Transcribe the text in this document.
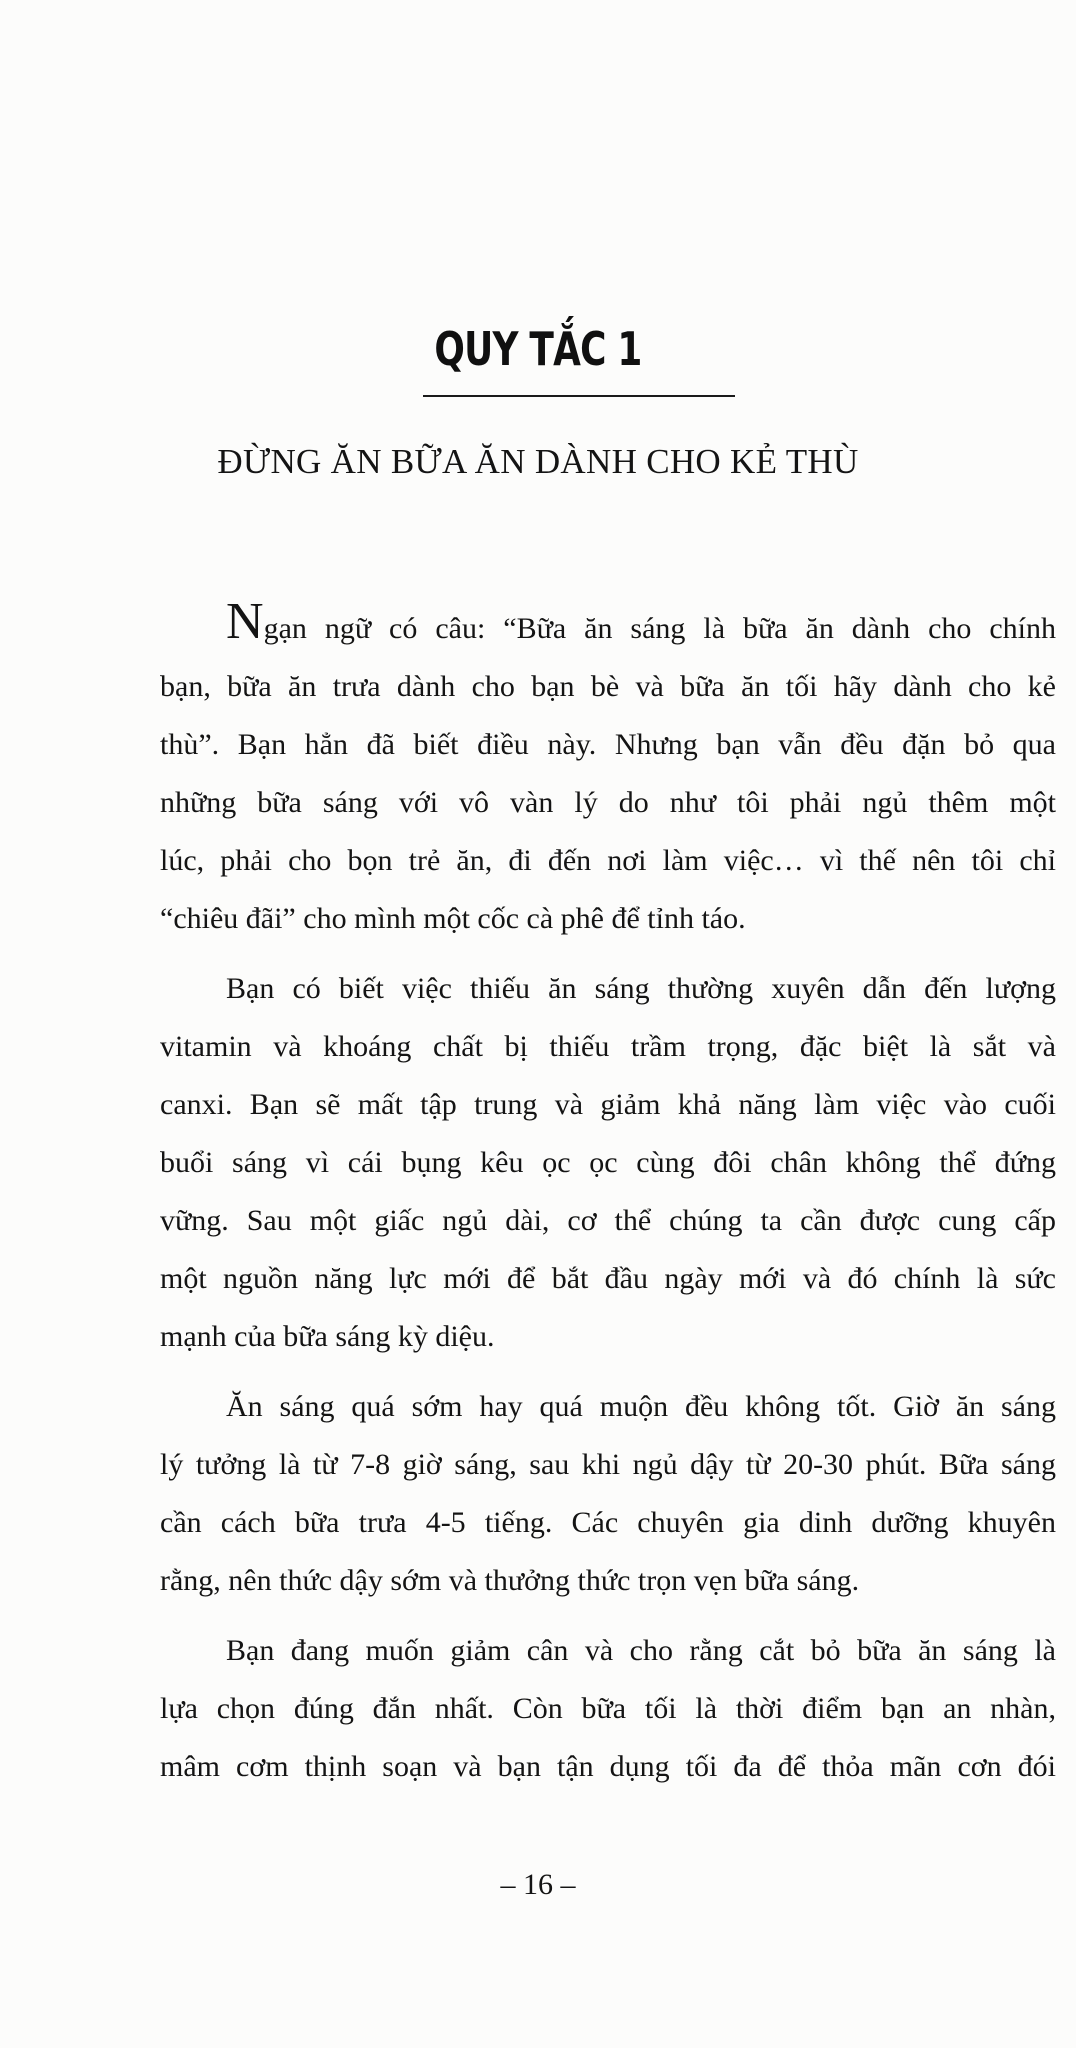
QUY TẮC 1
ĐỪNG ĂN BỮA ĂN DÀNH CHO KẺ THÙ
Ngạn ngữ có câu: “Bữa ăn sáng là bữa ăn dành cho chính
bạn, bữa ăn trưa dành cho bạn bè và bữa ăn tối hãy dành cho kẻ
thù”. Bạn hẳn đã biết điều này. Nhưng bạn vẫn đều đặn bỏ qua
những bữa sáng với vô vàn lý do như tôi phải ngủ thêm một
lúc, phải cho bọn trẻ ăn, đi đến nơi làm việc… vì thế nên tôi chỉ
“chiêu đãi” cho mình một cốc cà phê để tỉnh táo.
Bạn có biết việc thiếu ăn sáng thường xuyên dẫn đến lượng
vitamin và khoáng chất bị thiếu trầm trọng, đặc biệt là sắt và
canxi. Bạn sẽ mất tập trung và giảm khả năng làm việc vào cuối
buổi sáng vì cái bụng kêu ọc ọc cùng đôi chân không thể đứng
vững. Sau một giấc ngủ dài, cơ thể chúng ta cần được cung cấp
một nguồn năng lực mới để bắt đầu ngày mới và đó chính là sức
mạnh của bữa sáng kỳ diệu.
Ăn sáng quá sớm hay quá muộn đều không tốt. Giờ ăn sáng
lý tưởng là từ 7-8 giờ sáng, sau khi ngủ dậy từ 20-30 phút. Bữa sáng
cần cách bữa trưa 4-5 tiếng. Các chuyên gia dinh dưỡng khuyên
rằng, nên thức dậy sớm và thưởng thức trọn vẹn bữa sáng.
Bạn đang muốn giảm cân và cho rằng cắt bỏ bữa ăn sáng là
lựa chọn đúng đắn nhất. Còn bữa tối là thời điểm bạn an nhàn,
mâm cơm thịnh soạn và bạn tận dụng tối đa để thỏa mãn cơn đói
– 16 –
